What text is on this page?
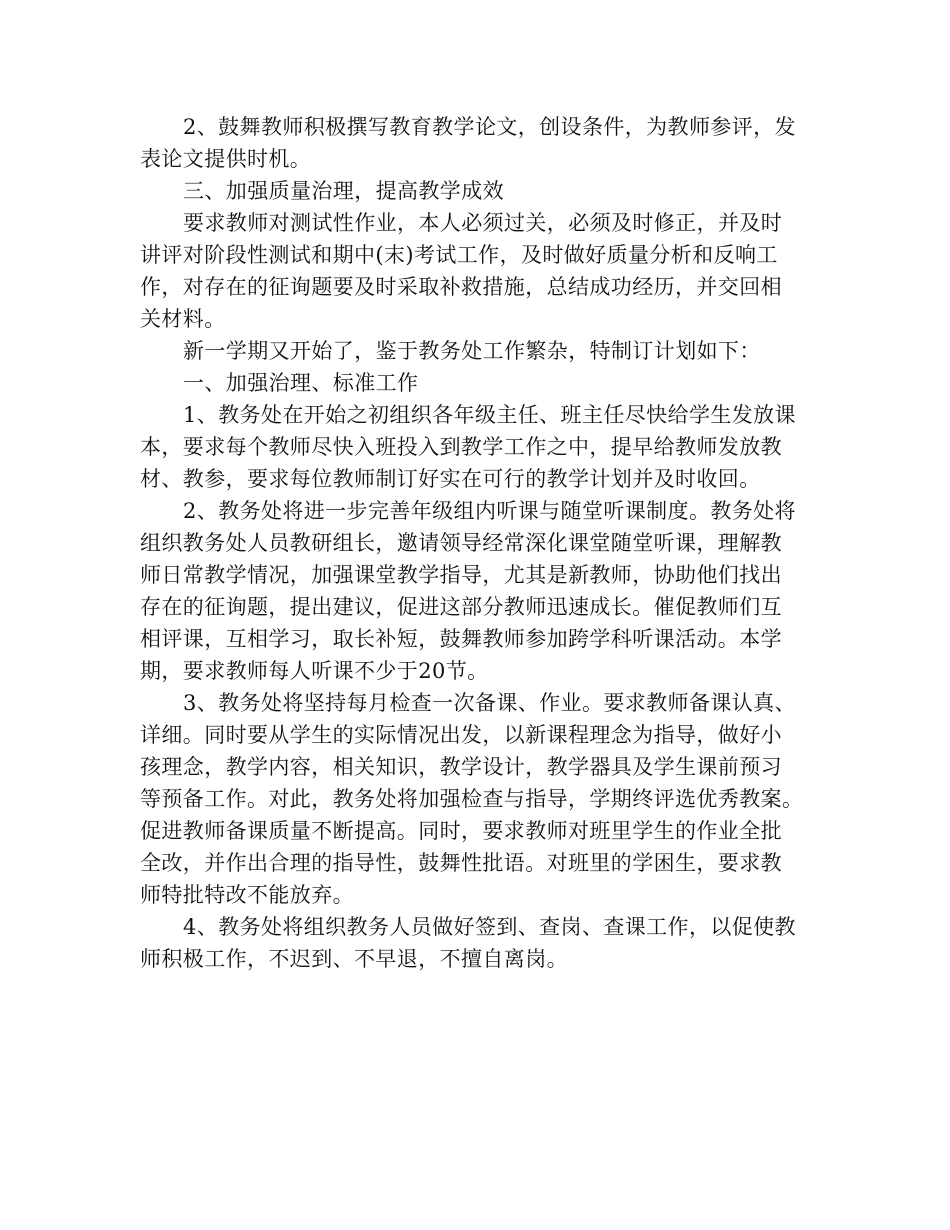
2、鼓舞教师积极撰写教育教学论文，创设条件，为教师参评，发
表论文提供时机。
三、加强质量治理，提高教学成效
要求教师对测试性作业，本人必须过关，必须及时修正，并及时
讲评对阶段性测试和期中(末)考试工作，及时做好质量分析和反响工
作，对存在的征询题要及时采取补救措施，总结成功经历，并交回相
关材料。
新一学期又开始了，鉴于教务处工作繁杂，特制订计划如下：
一、加强治理、标准工作
1、教务处在开始之初组织各年级主任、班主任尽快给学生发放课
本，要求每个教师尽快入班投入到教学工作之中，提早给教师发放教
材、教参，要求每位教师制订好实在可行的教学计划并及时收回。
2、教务处将进一步完善年级组内听课与随堂听课制度。教务处将
组织教务处人员教研组长，邀请领导经常深化课堂随堂听课，理解教
师日常教学情况，加强课堂教学指导，尤其是新教师，协助他们找出
存在的征询题，提出建议，促进这部分教师迅速成长。催促教师们互
相评课，互相学习，取长补短，鼓舞教师参加跨学科听课活动。本学
期，要求教师每人听课不少于20节。
3、教务处将坚持每月检查一次备课、作业。要求教师备课认真、
详细。同时要从学生的实际情况出发，以新课程理念为指导，做好小
孩理念，教学内容，相关知识，教学设计，教学器具及学生课前预习
等预备工作。对此，教务处将加强检查与指导，学期终评选优秀教案。
促进教师备课质量不断提高。同时，要求教师对班里学生的作业全批
全改，并作出合理的指导性，鼓舞性批语。对班里的学困生，要求教
师特批特改不能放弃。
4、教务处将组织教务人员做好签到、查岗、查课工作，以促使教
师积极工作，不迟到、不早退，不擅自离岗。
